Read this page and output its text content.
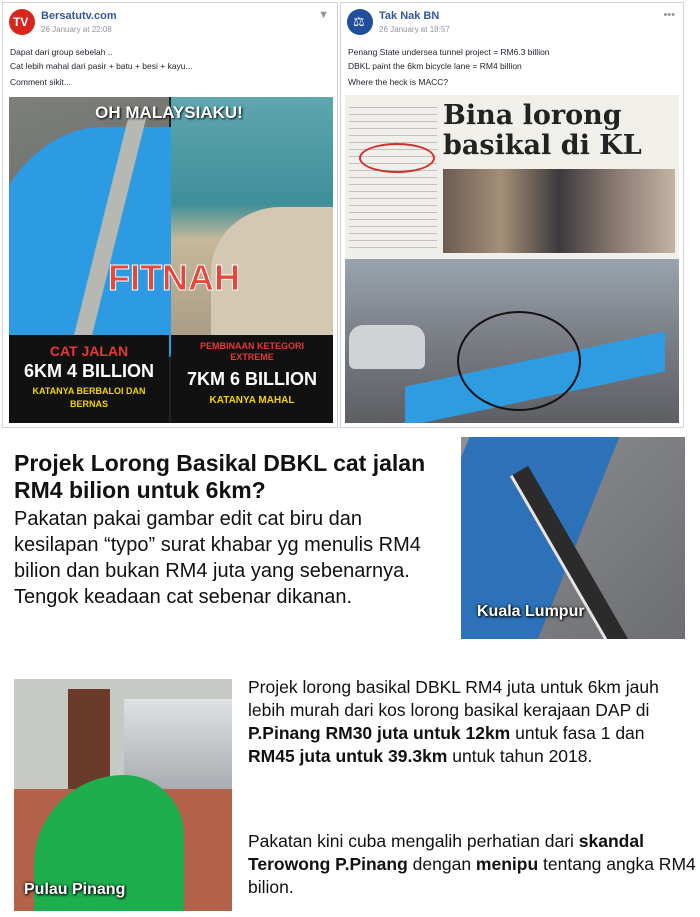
TV Bersatutv.com
26 January at 22:08
▼
Dapat dari group sebelah ..
Cat lebih mahal dari pasir + batu + besi + kayu...
Comment sikit...
OH MALAYSIAKU!
FITNAH
CAT JALAN
6KM 4 BILLION
KATANYA BERBALOI DAN BERNAS
PEMBINAAN KETEGORI EXTREME
7KM 6 BILLION
KATANYA MAHAL
⚖ Tak Nak BN
26 January at 18:57
•••
Penang State undersea tunnel project = RM6.3 billion
DBKL paint the 6km bicycle lane = RM4 billion
Where the heck is MACC?
Bina lorong basikal di KL
Projek Lorong Basikal DBKL cat jalan RM4 bilion untuk 6km?
Pakatan pakai gambar edit cat biru dan kesilapan “typo” surat khabar yg menulis RM4 bilion dan bukan RM4 juta yang sebenarnya. Tengok keadaan cat sebenar dikanan.
Kuala Lumpur
Pulau Pinang
Projek lorong basikal DBKL RM4 juta untuk 6km jauh lebih murah dari kos lorong basikal kerajaan DAP di P.Pinang RM30 juta untuk 12km untuk fasa 1 dan RM45 juta untuk 39.3km untuk tahun 2018.
Pakatan kini cuba mengalih perhatian dari skandal Terowong P.Pinang dengan menipu tentang angka RM4 bilion.
